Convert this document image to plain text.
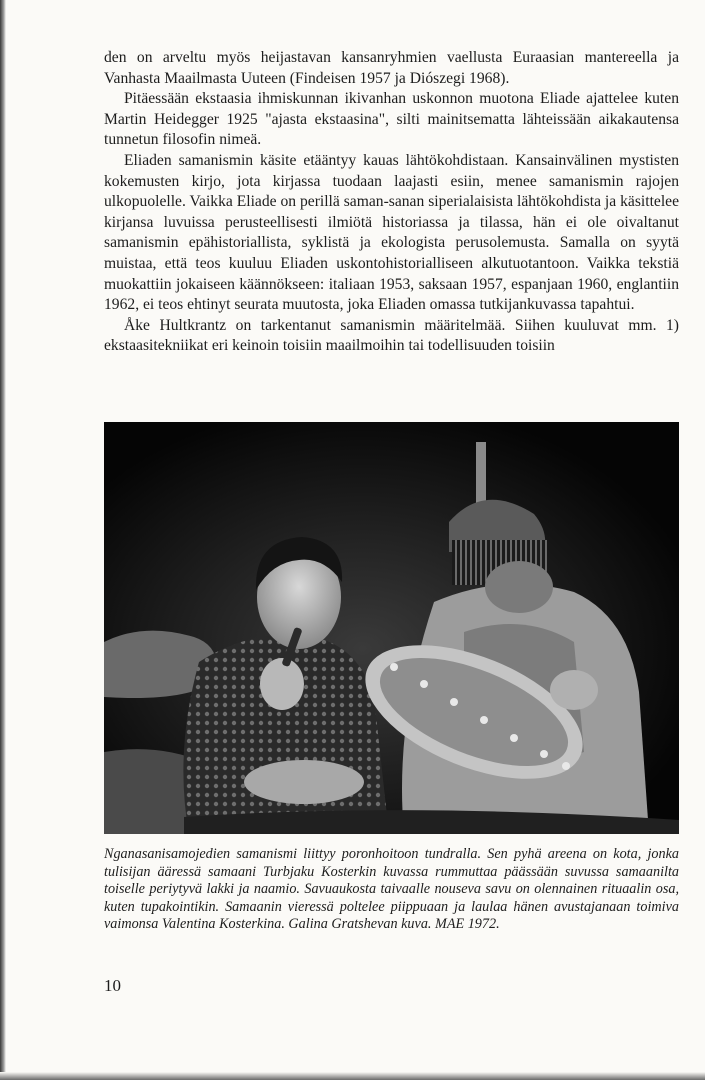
den on arveltu myös heijastavan kansanryhmien vaellusta Euraasian mantereella ja Vanhasta Maailmasta Uuteen (Findeisen 1957 ja Diószegi 1968).

Pitäessään ekstaasia ihmiskunnan ikivanhan uskonnon muotona Eliade ajattelee kuten Martin Heidegger 1925 "ajasta ekstaasina", silti mainitsematta lähteissään aikakautensa tunnetun filosofin nimeä.

Eliaden samanismin käsite etääntyy kauas lähtökohdistaan. Kansainvälinen mystisten kokemusten kirjo, jota kirjassa tuodaan laajasti esiin, menee samanismin rajojen ulkopuolelle. Vaikka Eliade on perillä saman-sanan siperialaisista lähtökohdista ja käsittelee kirjansa luvuissa perusteellisesti ilmiötä historiassa ja tilassa, hän ei ole oivaltanut samanismin epähistoriallista, syklistä ja ekologista perusolemusta. Samalla on syytä muistaa, että teos kuuluu Eliaden uskontohistorialliseen alkutuotantoon. Vaikka tekstiä muokattiin jokaiseen käännökseen: italiaan 1953, saksaan 1957, espanjaan 1960, englantiin 1962, ei teos ehtinyt seurata muutosta, joka Eliaden omassa tutkijankuvassa tapahtui.

Åke Hultkrantz on tarkentanut samanismin määritelmää. Siihen kuuluvat mm. 1) ekstaasitekniikat eri keinoin toisiin maailmoihin tai todellisuuden toisiin

Nganasanisamojedien samanismi liittyy poronhoitoon tundralla. Sen pyhä areena on kota, jonka tulisijan ääressä samaani Turbjaku Kosterkin kuvassa rummuttaa päässään suvussa samaanilta toiselle periytyvä lakki ja naamio. Savuaukosta taivaalle nouseva savu on olennainen rituaalin osa, kuten tupakointikin. Samaanin vieressä poltelee piippuaan ja laulaa hänen avustajanaan toimiva vaimonsa Valentina Kosterkina. Galina Gratshevan kuva. MAE 1972.
10
